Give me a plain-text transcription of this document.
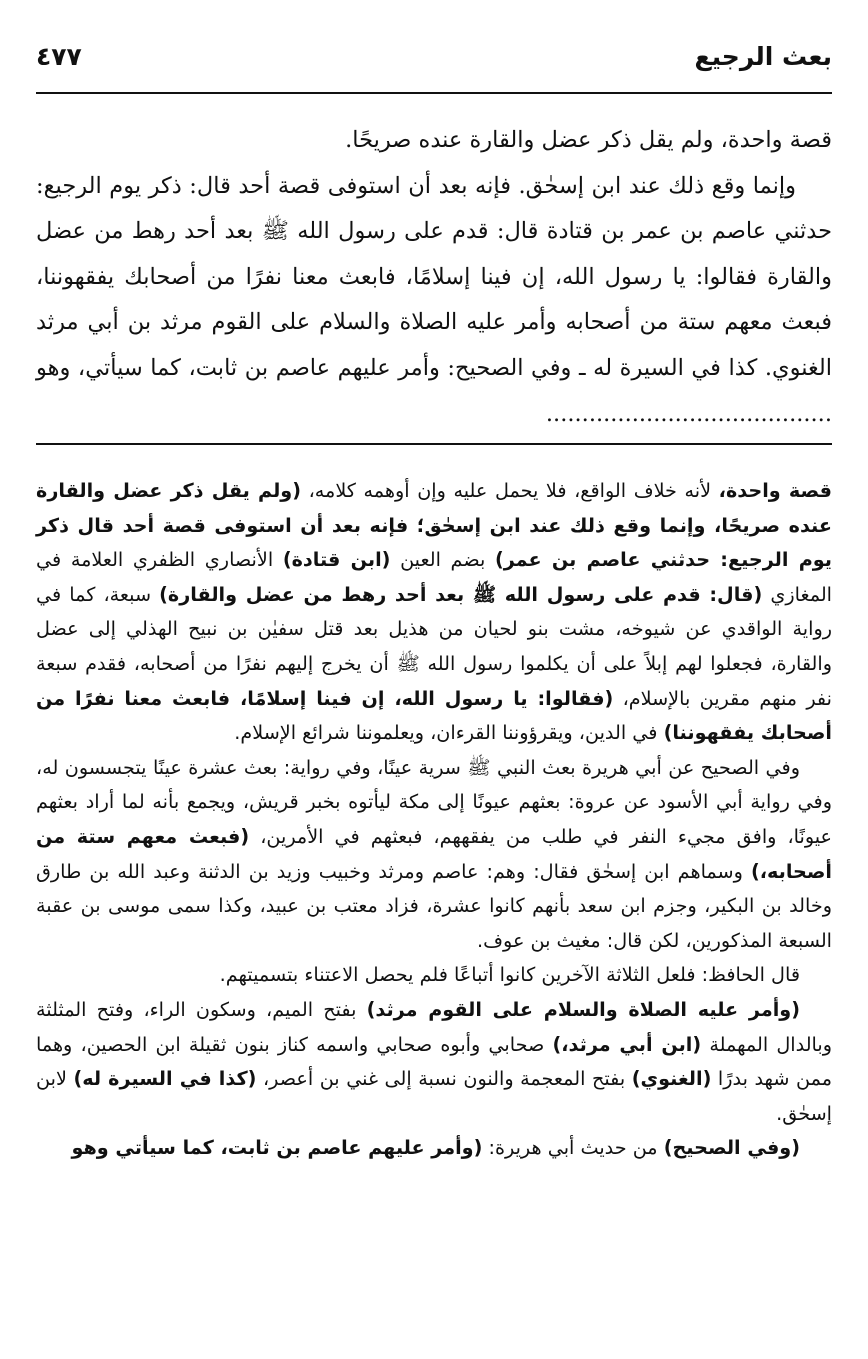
٤٧٧	بعث الرجيع

قصة واحدة، ولم يقل ذكر عضل والقارة عنده صريحًا.

وإنما وقع ذلك عند ابن إسحٰق. فإنه بعد أن استوفى قصة أحد قال: ذكر يوم الرجيع: حدثني عاصم بن عمر بن قتادة قال: قدم على رسول الله ﷺ بعد أحد رهط من عضل والقارة فقالوا: يا رسول الله، إن فينا إسلامًا، فابعث معنا نفرًا من أصحابك يفقهوننا، فبعث معهم ستة من أصحابه وأمر عليه الصلاة والسلام على القوم مرثد بن أبي مرثد الغنوي. كذا في السيرة له ـ وفي الصحيح: وأمر عليهم عاصم بن ثابت، كما سيأتي، وهو ........................................

قصة واحدة، لأنه خلاف الواقع، فلا يحمل عليه وإن أوهمه كلامه، (ولم يقل ذكر عضل والقارة عنده صريحًا، وإنما وقع ذلك عند ابن إسحٰق؛ فإنه بعد أن استوفى قصة أحد قال ذكر يوم الرجيع: حدثني عاصم بن عمر) بضم العين (ابن قتادة) الأنصاري الظفري العلامة في المغازي (قال: قدم على رسول الله ﷺ بعد أحد رهط من عضل والقارة) سبعة، كما في رواية الواقدي عن شيوخه، مشت بنو لحيان من هذيل بعد قتل سفيٰن بن نبيح الهذلي إلى عضل والقارة، فجعلوا لهم إبلاً على أن يكلموا رسول الله ﷺ أن يخرج إليهم نفرًا من أصحابه، فقدم سبعة نفر منهم مقرين بالإسلام، (فقالوا: يا رسول الله، إن فينا إسلامًا، فابعث معنا نفرًا من أصحابك يفقهوننا) في الدين، ويقرؤوننا القرءان، ويعلموننا شرائع الإسلام.

وفي الصحيح عن أبي هريرة بعث النبي ﷺ سرية عينًا، وفي رواية: بعث عشرة عينًا يتجسسون له، وفي رواية أبي الأسود عن عروة: بعثهم عيونًا إلى مكة ليأتوه بخبر قريش، ويجمع بأنه لما أراد بعثهم عيونًا، وافق مجيء النفر في طلب من يفقههم، فبعثهم في الأمرين، (فبعث معهم ستة من أصحابه،) وسماهم ابن إسحٰق فقال: وهم: عاصم ومرثد وخبيب وزيد بن الدثنة وعبد الله بن طارق وخالد بن البكير، وجزم ابن سعد بأنهم كانوا عشرة، فزاد معتب بن عبيد، وكذا سمى موسى بن عقبة السبعة المذكورين، لكن قال: مغيث بن عوف.

قال الحافظ: فلعل الثلاثة الآخرين كانوا أتباعًا فلم يحصل الاعتناء بتسميتهم.

(وأمر عليه الصلاة والسلام على القوم مرثد) بفتح الميم، وسكون الراء، وفتح المثلثة وبالدال المهملة (ابن أبي مرثد،) صحابي وأبوه صحابي واسمه كناز بنون ثقيلة ابن الحصين، وهما ممن شهد بدرًا (الغنوي) بفتح المعجمة والنون نسبة إلى غني بن أعصر، (كذا في السيرة له) لابن إسحٰق.

(وفي الصحيح) من حديث أبي هريرة: (وأمر عليهم عاصم بن ثابت، كما سيأتي وهو
